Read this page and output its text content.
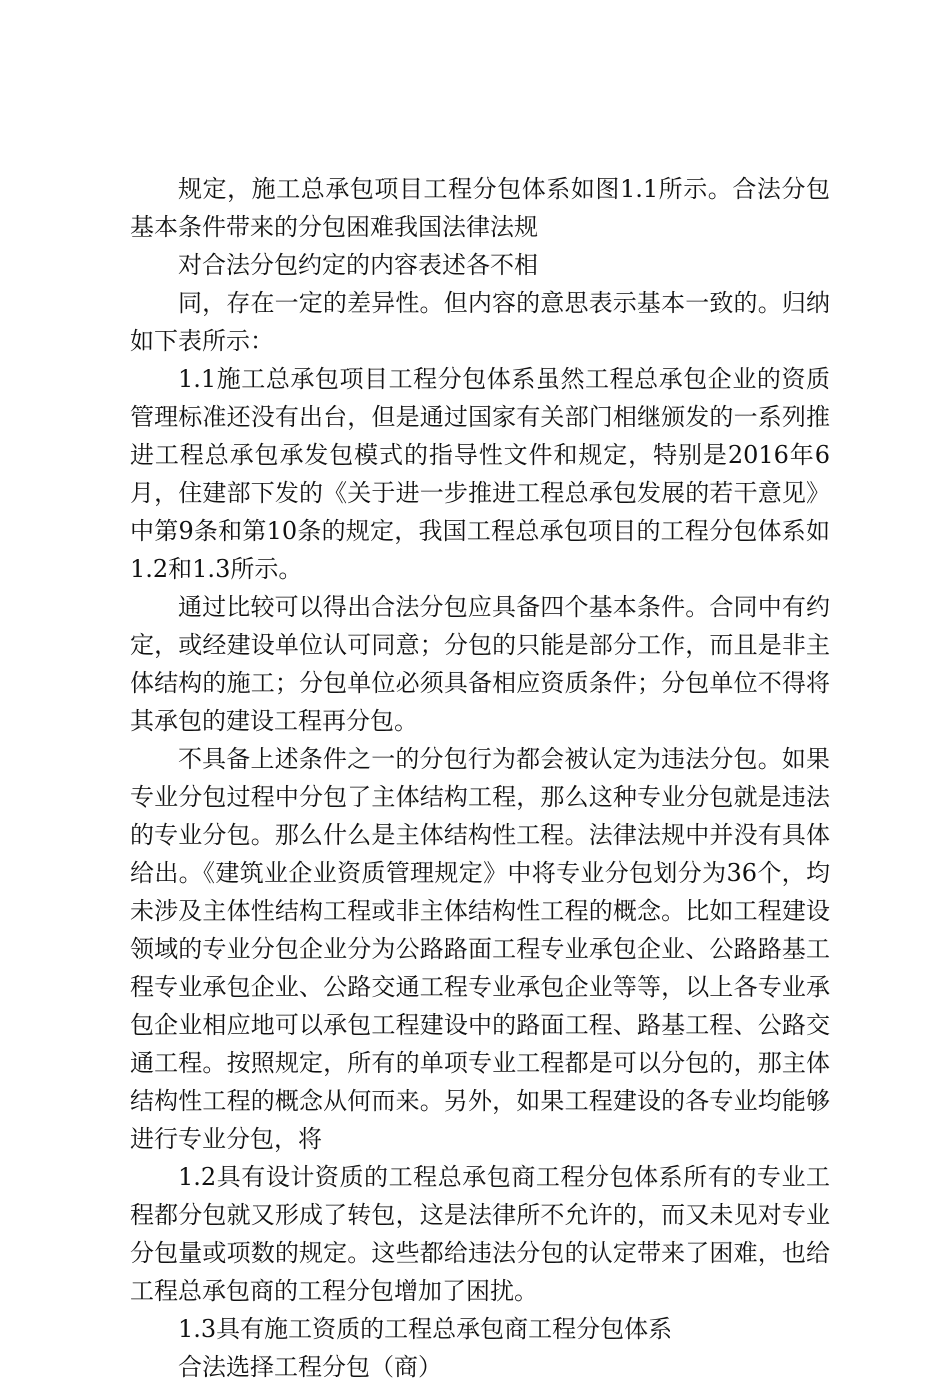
规定，施工总承包项目工程分包体系如图1.1所示。合法分包基本条件带来的分包困难我国法律法规

对合法分包约定的内容表述各不相

同，存在一定的差异性。但内容的意思表示基本一致的。归纳如下表所示：

1.1施工总承包项目工程分包体系虽然工程总承包企业的资质管理标准还没有出台，但是通过国家有关部门相继颁发的一系列推进工程总承包承发包模式的指导性文件和规定，特别是2016年6月，住建部下发的《关于进一步推进工程总承包发展的若干意见》中第9条和第10条的规定，我国工程总承包项目的工程分包体系如1.2和1.3所示。

通过比较可以得出合法分包应具备四个基本条件。合同中有约定，或经建设单位认可同意；分包的只能是部分工作，而且是非主体结构的施工；分包单位必须具备相应资质条件；分包单位不得将其承包的建设工程再分包。

不具备上述条件之一的分包行为都会被认定为违法分包。如果专业分包过程中分包了主体结构工程，那么这种专业分包就是违法的专业分包。那么什么是主体结构性工程。法律法规中并没有具体给出。《建筑业企业资质管理规定》中将专业分包划分为36个，均未涉及主体性结构工程或非主体结构性工程的概念。比如工程建设领域的专业分包企业分为公路路面工程专业承包企业、公路路基工程专业承包企业、公路交通工程专业承包企业等等，以上各专业承包企业相应地可以承包工程建设中的路面工程、路基工程、公路交通工程。按照规定，所有的单项专业工程都是可以分包的，那主体结构性工程的概念从何而来。另外，如果工程建设的各专业均能够进行专业分包，将

1.2具有设计资质的工程总承包商工程分包体系所有的专业工程都分包就又形成了转包，这是法律所不允许的，而又未见对专业分包量或项数的规定。这些都给违法分包的认定带来了困难，也给工程总承包商的工程分包增加了困扰。

1.3具有施工资质的工程总承包商工程分包体系

合法选择工程分包（商）
